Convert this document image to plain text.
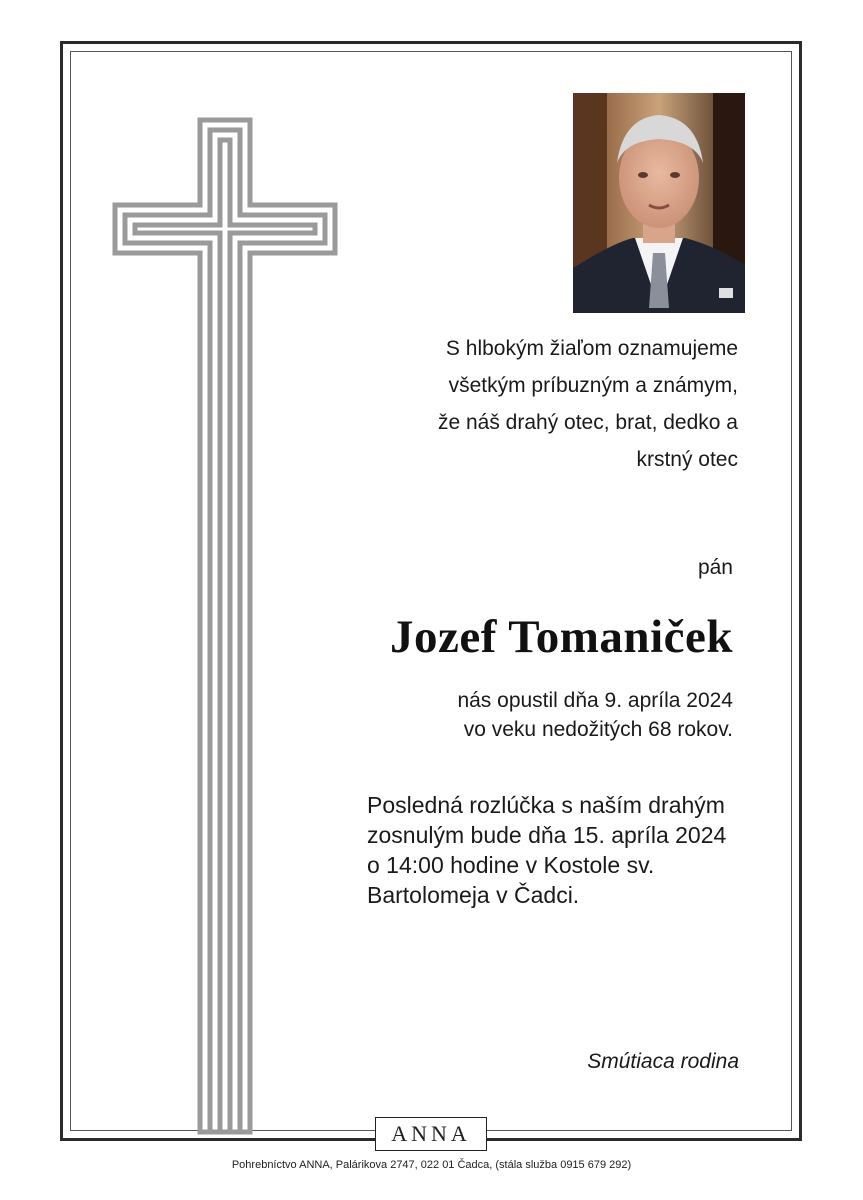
S hlbokým žiaľom oznamujeme
všetkým príbuzným a známym,
že náš drahý otec, brat, dedko a
krstný otec
pán
Jozef Tomaniček
nás opustil dňa 9. apríla 2024
vo veku nedožitých 68 rokov.
Posledná rozlúčka s naším drahým
zosnulým bude dňa 15. apríla 2024
o 14:00 hodine v Kostole sv.
Bartolomeja v Čadci.
Smútiaca rodina
ANNA
Pohrebníctvo ANNA, Palárikova 2747, 022 01 Čadca, (stála služba 0915 679 292)
